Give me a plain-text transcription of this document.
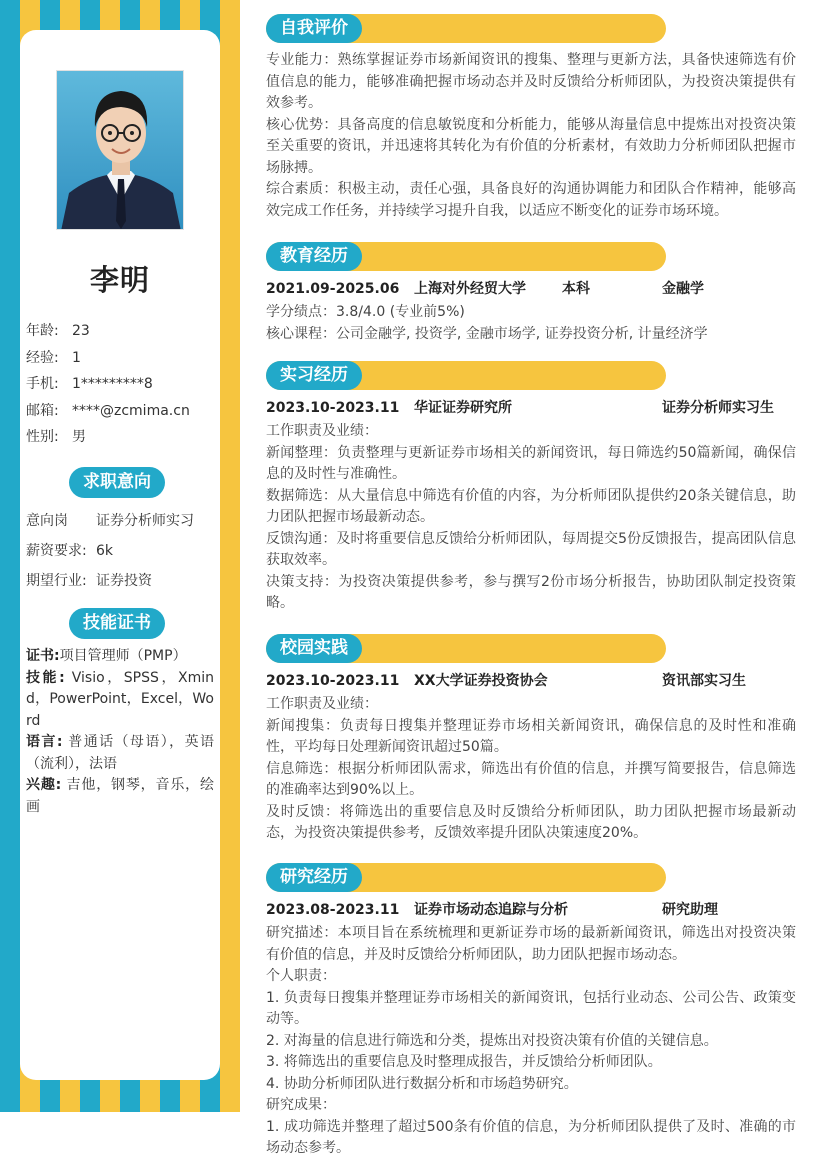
李明
年龄: 23
经验: 1
手机: 1*********8
邮箱: ****@zcmima.cn
性别: 男
求职意向
意向岗 证券分析师实习
薪资要求: 6k
期望行业: 证券投资
技能证书
证书:项目管理师（PMP）
技能: Visio，SPSS，Xmind，PowerPoint，Excel，Word
语言: 普通话（母语），英语（流利），法语
兴趣: 吉他，钢琴，音乐，绘画
自我评价

专业能力：熟练掌握证券市场新闻资讯的搜集、整理与更新方法，具备快速筛选有价值信息的能力，能够准确把握市场动态并及时反馈给分析师团队，为投资决策提供有效参考。

核心优势：具备高度的信息敏锐度和分析能力，能够从海量信息中提炼出对投资决策至关重要的资讯，并迅速将其转化为有价值的分析素材，有效助力分析师团队把握市场脉搏。

综合素质：积极主动，责任心强，具备良好的沟通协调能力和团队合作精神，能够高效完成工作任务，并持续学习提升自我，以适应不断变化的证券市场环境。

教育经历
2021.09-2025.06 上海对外经贸大学	本科	金融学

学分绩点：3.8/4.0 (专业前5%)

核心课程：公司金融学, 投资学, 金融市场学, 证券投资分析, 计量经济学

实习经历
2023.10-2023.11 华证证券研究所	证券分析师实习生

工作职责及业绩：

新闻整理：负责整理与更新证券市场相关的新闻资讯，每日筛选约50篇新闻，确保信息的及时性与准确性。

数据筛选：从大量信息中筛选有价值的内容，为分析师团队提供约20条关键信息，助力团队把握市场最新动态。

反馈沟通：及时将重要信息反馈给分析师团队，每周提交5份反馈报告，提高团队信息获取效率。

决策支持：为投资决策提供参考，参与撰写2份市场分析报告，协助团队制定投资策略。

校园实践
2023.10-2023.11 XX大学证券投资协会	资讯部实习生

工作职责及业绩：

新闻搜集：负责每日搜集并整理证券市场相关新闻资讯，确保信息的及时性和准确性，平均每日处理新闻资讯超过50篇。

信息筛选：根据分析师团队需求，筛选出有价值的信息，并撰写简要报告，信息筛选的准确率达到90%以上。

及时反馈：将筛选出的重要信息及时反馈给分析师团队，助力团队把握市场最新动态，为投资决策提供参考，反馈效率提升团队决策速度20%。

研究经历
2023.08-2023.11 证券市场动态追踪与分析	研究助理

研究描述：本项目旨在系统梳理和更新证券市场的最新新闻资讯，筛选出对投资决策有价值的信息，并及时反馈给分析师团队，助力团队把握市场动态。

个人职责：

1. 负责每日搜集并整理证券市场相关的新闻资讯，包括行业动态、公司公告、政策变动等。

2. 对海量的信息进行筛选和分类，提炼出对投资决策有价值的关键信息。

3. 将筛选出的重要信息及时整理成报告，并反馈给分析师团队。

4. 协助分析师团队进行数据分析和市场趋势研究。

研究成果：

1. 成功筛选并整理了超过500条有价值的信息，为分析师团队提供了及时、准确的市场动态参考。
